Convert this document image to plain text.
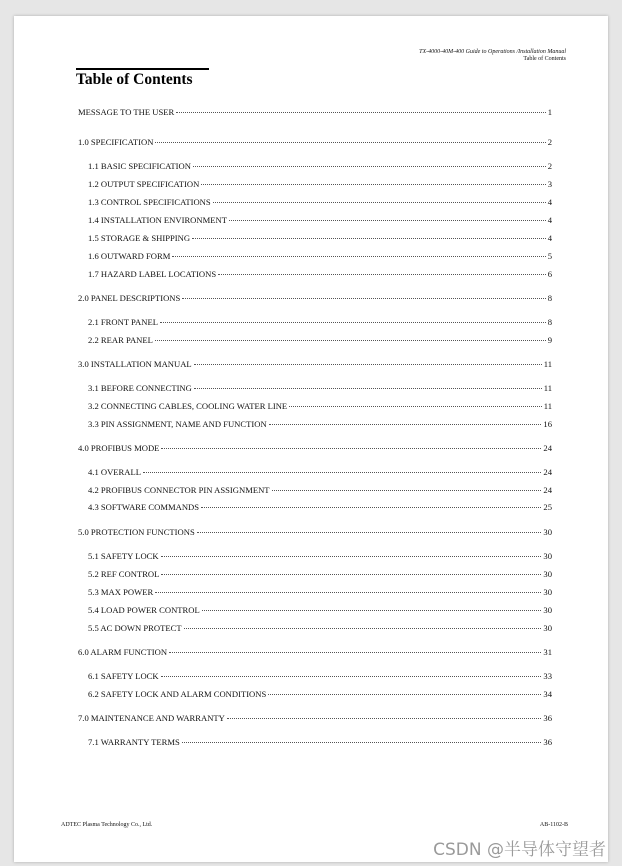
TX-4000-40M-400 Guide to Operations /Installation Manual
Table of Contents
Table of Contents
MESSAGE TO THE USER	1
1.0 SPECIFICATION	2
1.1 BASIC SPECIFICATION	2
1.2 OUTPUT SPECIFICATION	3
1.3 CONTROL SPECIFICATIONS	4
1.4 INSTALLATION ENVIRONMENT	4
1.5 STORAGE & SHIPPING	4
1.6 OUTWARD FORM	5
1.7 HAZARD LABEL LOCATIONS	6
2.0 PANEL DESCRIPTIONS	8
2.1 FRONT PANEL	8
2.2 REAR PANEL	9
3.0 INSTALLATION MANUAL	11
3.1 BEFORE CONNECTING	11
3.2 CONNECTING CABLES, COOLING WATER LINE	11
3.3 PIN ASSIGNMENT, NAME AND FUNCTION	16
4.0 PROFIBUS MODE	24
4.1 OVERALL	24
4.2 PROFIBUS CONNECTOR PIN ASSIGNMENT	24
4.3 SOFTWARE COMMANDS	25
5.0 PROTECTION FUNCTIONS	30
5.1 SAFETY LOCK	30
5.2 REF CONTROL	30
5.3 MAX POWER	30
5.4 LOAD POWER CONTROL	30
5.5 AC DOWN PROTECT	30
6.0 ALARM FUNCTION	31
6.1 SAFETY LOCK	33
6.2 SAFETY LOCK AND ALARM CONDITIONS	34
7.0 MAINTENANCE AND WARRANTY	36
7.1 WARRANTY TERMS	36
ADTEC Plasma Technology Co., Ltd.	AB-1102-B
CSDN @半导体守望者
